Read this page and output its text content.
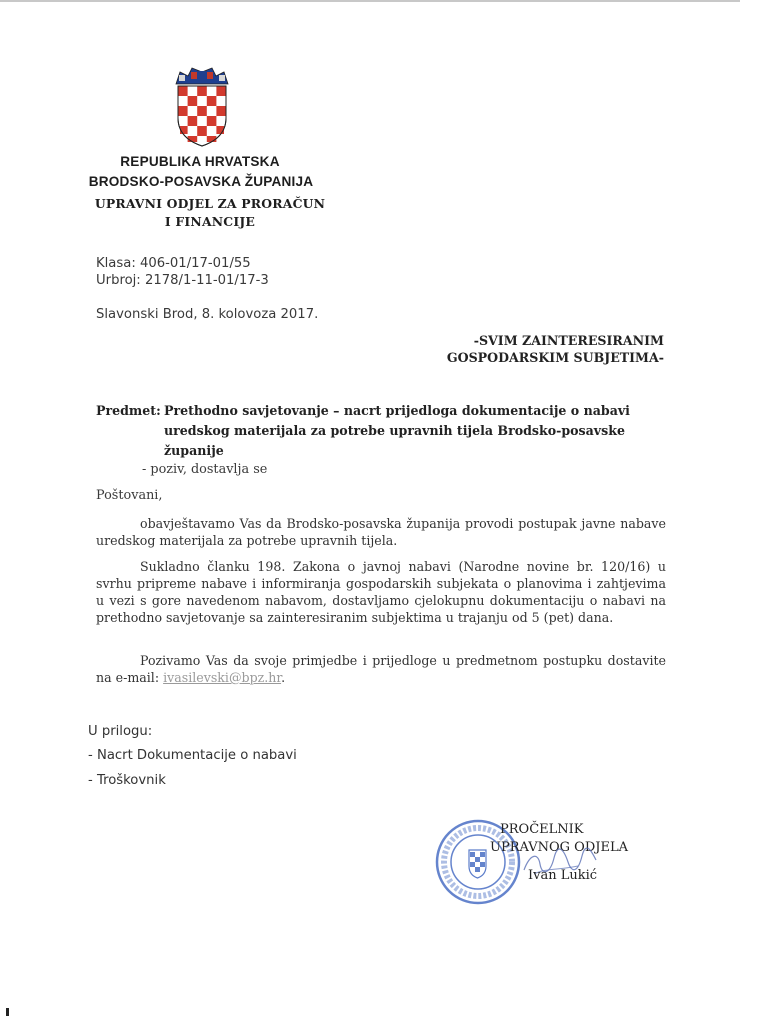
REPUBLIKA HRVATSKA
BRODSKO-POSAVSKA ŽUPANIJA
UPRAVNI ODJEL ZA PRORAČUN
I FINANCIJE
Klasa: 406-01/17-01/55
Urbroj: 2178/1-11-01/17-3
Slavonski Brod, 8. kolovoza 2017.
-SVIM ZAINTERESIRANIM
GOSPODARSKIM SUBJETIMA-
Predmet: Prethodno savjetovanje – nacrt prijedloga dokumentacije o nabavi uredskog materijala za potrebe upravnih tijela Brodsko-posavske županije
- poziv, dostavlja se
Poštovani,
obavještavamo Vas da Brodsko-posavska županija provodi postupak javne nabave uredskog materijala za potrebe upravnih tijela.
Sukladno članku 198. Zakona o javnoj nabavi (Narodne novine br. 120/16) u svrhu pripreme nabave i informiranja gospodarskih subjekata o planovima i zahtjevima u vezi s gore navedenom nabavom, dostavljamo cjelokupnu dokumentaciju o nabavi na prethodno savjetovanje sa zainteresiranim subjektima u trajanju od 5 (pet) dana.
Pozivamo Vas da svoje primjedbe i prijedloge u predmetnom postupku dostavite na e-mail: ivasilevski@bpz.hr.
U prilogu:
- Nacrt Dokumentacije o nabavi
- Troškovnik
PROČELNIK
UPRAVNOG ODJELA
Ivan Lukić
